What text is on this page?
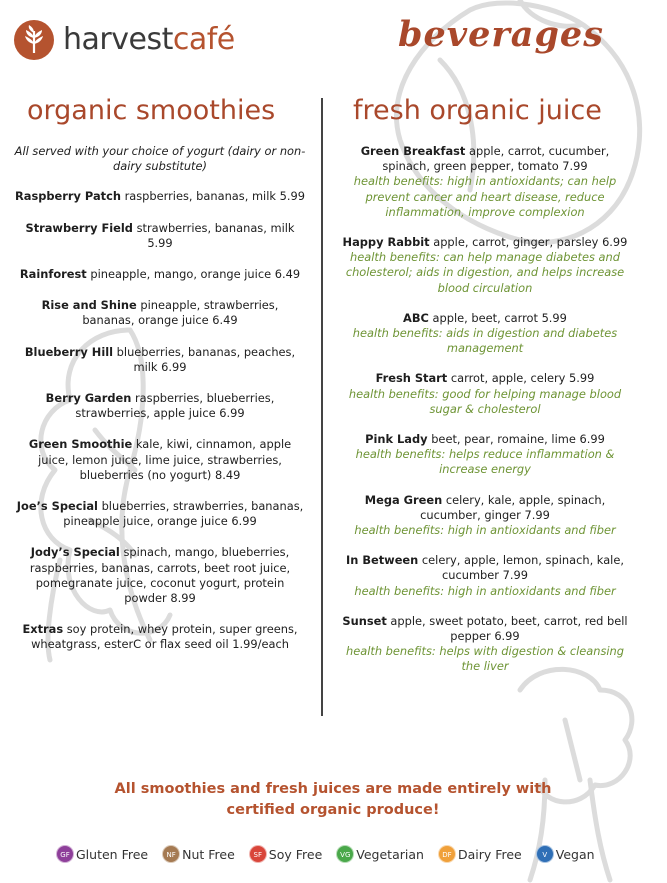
harvestcafé	beverages
organic smoothies	fresh organic juice
All served with your choice of yogurt (dairy or non-dairy substitute)
Raspberry Patch raspberries, bananas, milk 5.99
Strawberry Field strawberries, bananas, milk 5.99
Rainforest pineapple, mango, orange juice 6.49
Rise and Shine pineapple, strawberries, bananas, orange juice 6.49
Blueberry Hill blueberries, bananas, peaches, milk 6.99
Berry Garden raspberries, blueberries, strawberries, apple juice 6.99
Green Smoothie kale, kiwi, cinnamon, apple juice, lemon juice, lime juice, strawberries, blueberries (no yogurt) 8.49
Joe’s Special blueberries, strawberries, bananas, pineapple juice, orange juice 6.99
Jody’s Special spinach, mango, blueberries, raspberries, bananas, carrots, beet root juice, pomegranate juice, coconut yogurt, protein powder 8.99
Extras soy protein, whey protein, super greens, wheatgrass, esterC or flax seed oil 1.99/each
Green Breakfast apple, carrot, cucumber, spinach, green pepper, tomato 7.99
health benefits: high in antioxidants; can help prevent cancer and heart disease, reduce inflammation, improve complexion
Happy Rabbit apple, carrot, ginger, parsley 6.99
health benefits: can help manage diabetes and cholesterol; aids in digestion, and helps increase blood circulation
ABC apple, beet, carrot 5.99
health benefits: aids in digestion and diabetes management
Fresh Start carrot, apple, celery 5.99
health benefits: good for helping manage blood sugar & cholesterol
Pink Lady beet, pear, romaine, lime 6.99
health benefits: helps reduce inflammation & increase energy
Mega Green celery, kale, apple, spinach, cucumber, ginger 7.99
health benefits: high in antioxidants and fiber
In Between celery, apple, lemon, spinach, kale, cucumber 7.99
health benefits: high in antioxidants and fiber
Sunset apple, sweet potato, beet, carrot, red bell pepper 6.99
health benefits: helps with digestion & cleansing the liver
All smoothies and fresh juices are made entirely with
certified organic produce!
GF Gluten Free	NF Nut Free	SF Soy Free	VG Vegetarian	DF Dairy Free	V Vegan
